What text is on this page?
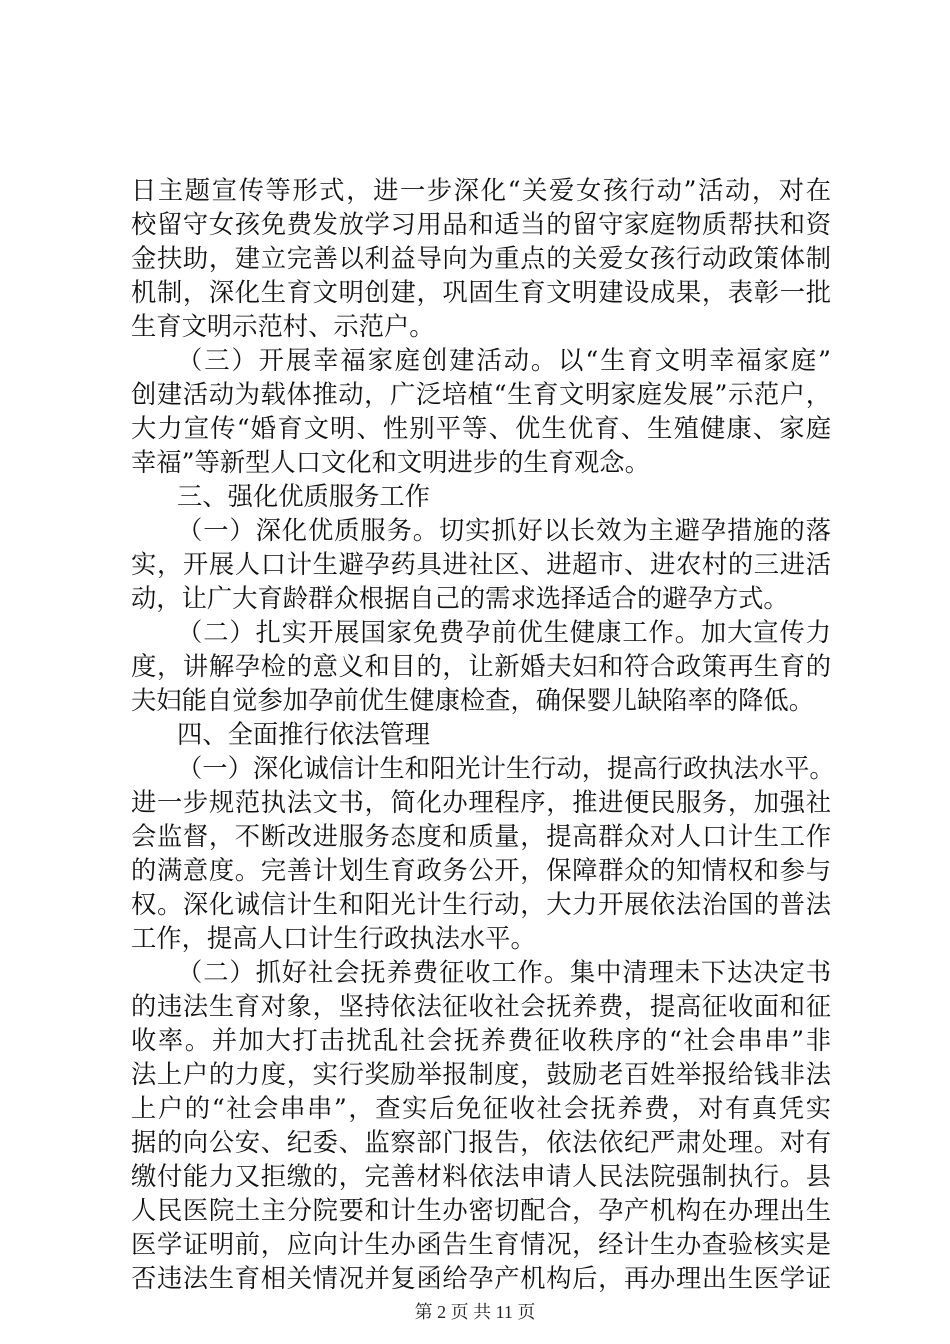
日主题宣传等形式，进一步深化“关爱女孩行动”活动，对在
校留守女孩免费发放学习用品和适当的留守家庭物质帮扶和资
金扶助，建立完善以利益导向为重点的关爱女孩行动政策体制
机制，深化生育文明创建，巩固生育文明建设成果，表彰一批
生育文明示范村、示范户。
（三）开展幸福家庭创建活动。以“生育文明幸福家庭”
创建活动为载体推动，广泛培植“生育文明家庭发展”示范户，
大力宣传“婚育文明、性别平等、优生优育、生殖健康、家庭
幸福”等新型人口文化和文明进步的生育观念。
三、强化优质服务工作
（一）深化优质服务。切实抓好以长效为主避孕措施的落
实，开展人口计生避孕药具进社区、进超市、进农村的三进活
动，让广大育龄群众根据自己的需求选择适合的避孕方式。
（二）扎实开展国家免费孕前优生健康工作。加大宣传力
度，讲解孕检的意义和目的，让新婚夫妇和符合政策再生育的
夫妇能自觉参加孕前优生健康检查，确保婴儿缺陷率的降低。
四、全面推行依法管理
（一）深化诚信计生和阳光计生行动，提高行政执法水平。
进一步规范执法文书，简化办理程序，推进便民服务，加强社
会监督，不断改进服务态度和质量，提高群众对人口计生工作
的满意度。完善计划生育政务公开，保障群众的知情权和参与
权。深化诚信计生和阳光计生行动，大力开展依法治国的普法
工作，提高人口计生行政执法水平。
（二）抓好社会抚养费征收工作。集中清理未下达决定书
的违法生育对象，坚持依法征收社会抚养费，提高征收面和征
收率。并加大打击扰乱社会抚养费征收秩序的“社会串串”非
法上户的力度，实行奖励举报制度，鼓励老百姓举报给钱非法
上户的“社会串串”，查实后免征收社会抚养费，对有真凭实
据的向公安、纪委、监察部门报告，依法依纪严肃处理。对有
缴付能力又拒缴的，完善材料依法申请人民法院强制执行。县
人民医院土主分院要和计生办密切配合，孕产机构在办理出生
医学证明前，应向计生办函告生育情况，经计生办查验核实是
否违法生育相关情况并复函给孕产机构后，再办理出生医学证
第 2 页 共 11 页
